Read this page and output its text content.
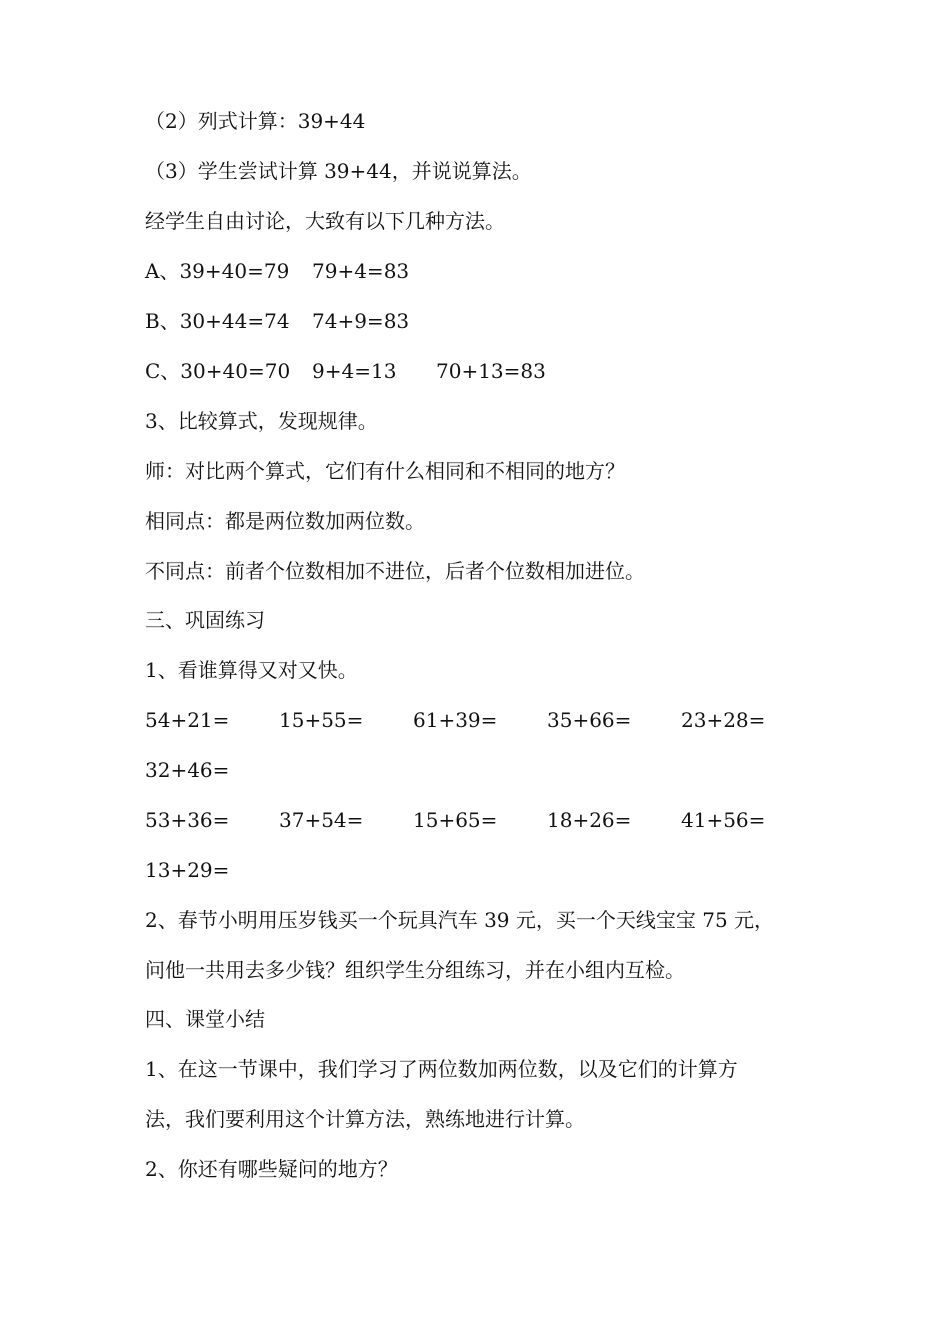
（2）列式计算：39+44
（3）学生尝试计算 39+44，并说说算法。
经学生自由讨论，大致有以下几种方法。
A、39+40=79 79+4=83
B、30+44=74 74+9=83
C、30+40=70 9+4=13 70+13=83
3、比较算式，发现规律。
师：对比两个算式，它们有什么相同和不相同的地方？
相同点：都是两位数加两位数。
不同点：前者个位数相加不进位，后者个位数相加进位。
三、巩固练习
1、看谁算得又对又快。
54+21= 15+55= 61+39= 35+66= 23+28=
32+46=
53+36= 37+54= 15+65= 18+26= 41+56=
13+29=
2、春节小明用压岁钱买一个玩具汽车 39 元，买一个天线宝宝 75 元，
问他一共用去多少钱？组织学生分组练习，并在小组内互检。
四、课堂小结
1、在这一节课中，我们学习了两位数加两位数，以及它们的计算方
法，我们要利用这个计算方法，熟练地进行计算。
2、你还有哪些疑问的地方？
